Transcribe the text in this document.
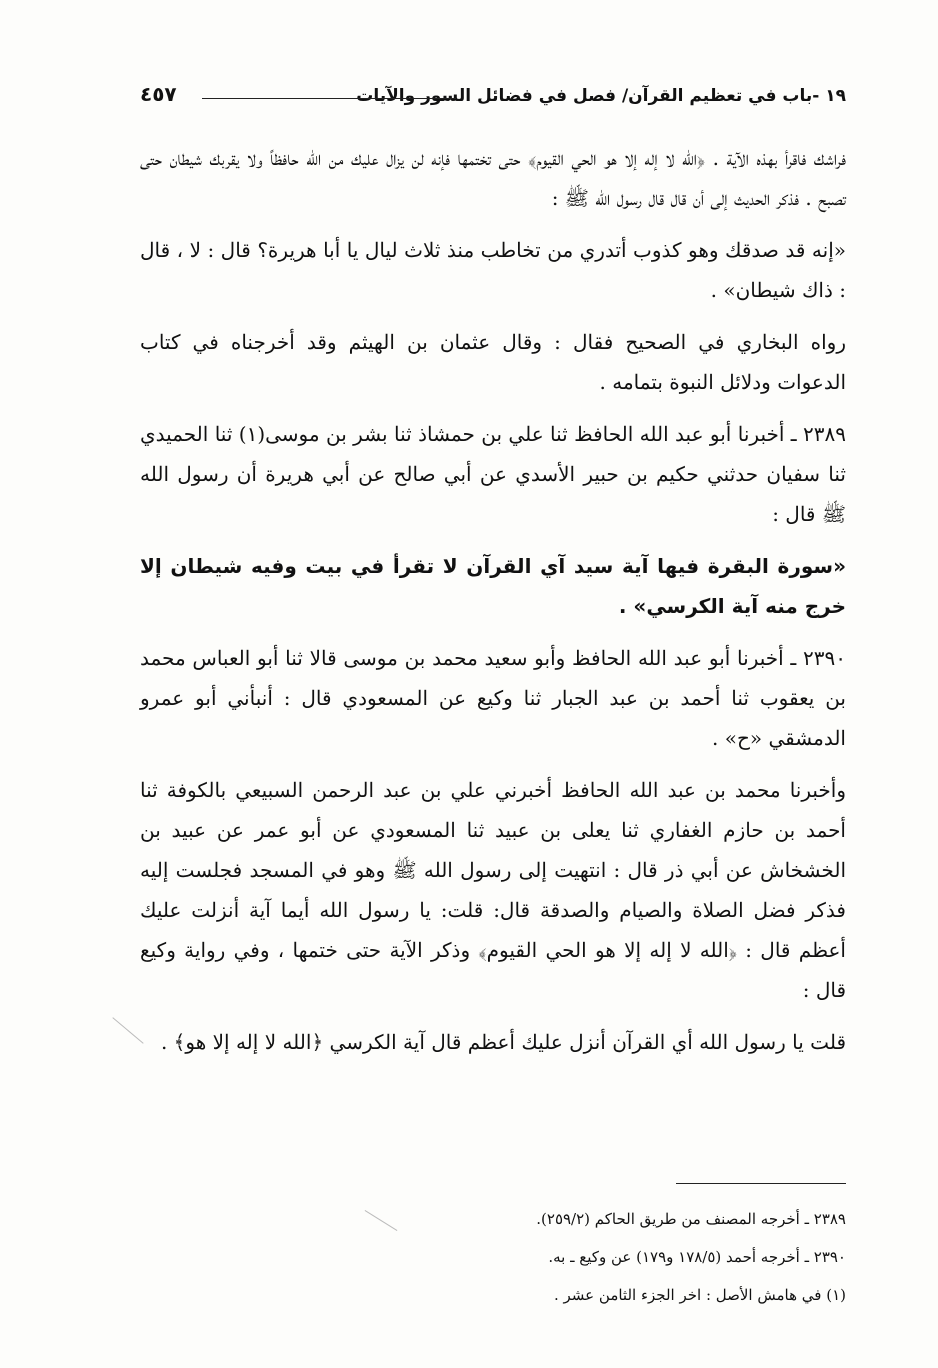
١٩ -باب في تعظيم القرآن/ فصل في فضائل السور والآيات
٤٥٧

فراشك فاقرأ بهذه الآية . ﴿الله لا إله إلا هو الحي القيوم﴾ حتى تختمها فإنه لن يزال عليك من الله حافظاً ولا يقربك شيطان حتى تصبح . فذكر الحديث إلى أن قال قال رسول الله ﷺ :

«إنه قد صدقك وهو كذوب أتدري من تخاطب منذ ثلاث ليال يا أبا هريرة؟ قال : لا ، قال : ذاك شيطان» .

رواه البخاري في الصحيح فقال : وقال عثمان بن الهيثم وقد أخرجناه في كتاب الدعوات ودلائل النبوة بتمامه .

٢٣٨٩ ـ أخبرنا أبو عبد الله الحافظ ثنا علي بن حمشاذ ثنا بشر بن موسى(١) ثنا الحميدي ثنا سفيان حدثني حكيم بن حبير الأسدي عن أبي صالح عن أبي هريرة أن رسول الله ﷺ قال :

«سورة البقرة فيها آية سيد آي القرآن لا تقرأ في بيت وفيه شيطان إلا خرج منه آية الكرسي» .

٢٣٩٠ ـ أخبرنا أبو عبد الله الحافظ وأبو سعيد محمد بن موسى قالا ثنا أبو العباس محمد بن يعقوب ثنا أحمد بن عبد الجبار ثنا وكيع عن المسعودي قال : أنبأني أبو عمرو الدمشقي «ح» .

وأخبرنا محمد بن عبد الله الحافظ أخبرني علي بن عبد الرحمن السبيعي بالكوفة ثنا أحمد بن حازم الغفاري ثنا يعلى بن عبيد ثنا المسعودي عن أبو عمر عن عبيد بن الخشخاش عن أبي ذر قال : انتهيت إلى رسول الله ﷺ وهو في المسجد فجلست إليه فذكر فضل الصلاة والصيام والصدقة قال: قلت: يا رسول الله أيما آية أنزلت عليك أعظم قال : ﴿الله لا إله إلا هو الحي القيوم﴾ وذكر الآية حتى ختمها ، وفي رواية وكيع قال :

قلت يا رسول الله أي القرآن أنزل عليك أعظم قال آية الكرسي ﴿الله لا إله إلا هو﴾ .

٢٣٨٩ ـ أخرجه المصنف من طريق الحاكم (٢٥٩/٢).

٢٣٩٠ ـ أخرجه أحمد (١٧٨/٥ و١٧٩) عن وكيع ـ به.

(١) في هامش الأصل : اخر الجزء الثامن عشر .
